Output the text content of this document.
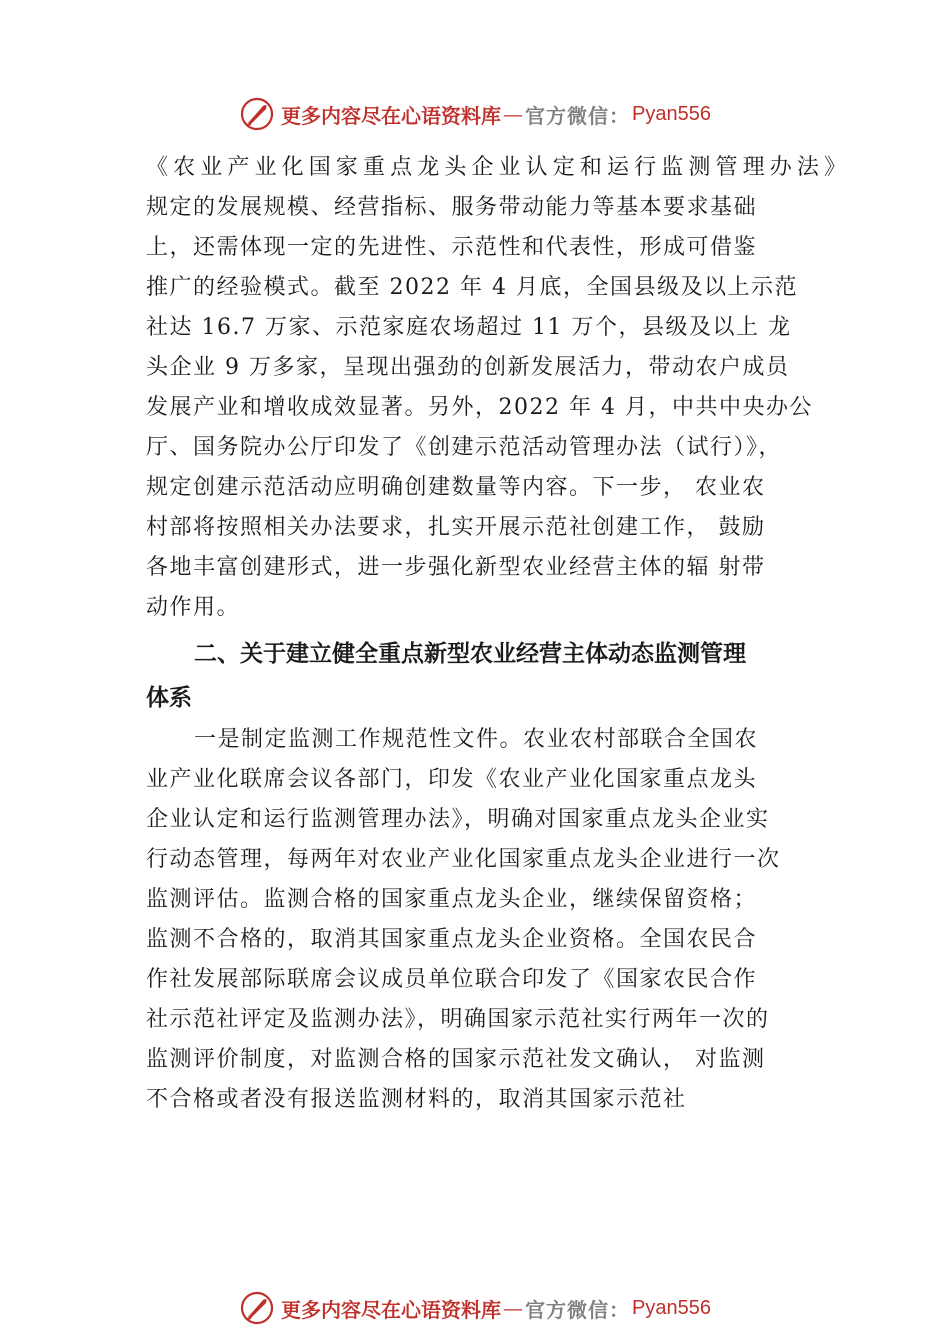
更多内容尽在心语资料库 — 官方微信： Pyan556
《农业产业化国家重点龙头企业认定和运行监测管理办法》
规定的发展规模、经营指标、服务带动能力等基本要求基础
上，还需体现一定的先进性、示范性和代表性，形成可借鉴
推广的经验模式。截至 2022 年 4 月底，全国县级及以上示范
社达 16.7 万家、示范家庭农场超过 11 万个，县级及以上 龙
头企业 9 万多家，呈现出强劲的创新发展活力，带动农户成员
发展产业和增收成效显著。另外，2022 年 4 月，中共中央办公
厅、国务院办公厅印发了《创建示范活动管理办法（试行）》，
规定创建示范活动应明确创建数量等内容。下一步， 农业农
村部将按照相关办法要求，扎实开展示范社创建工作， 鼓励
各地丰富创建形式，进一步强化新型农业经营主体的辐 射带
动作用。
二、关于建立健全重点新型农业经营主体动态监测管理
体系
一是制定监测工作规范性文件。农业农村部联合全国农
业产业化联席会议各部门，印发《农业产业化国家重点龙头
企业认定和运行监测管理办法》，明确对国家重点龙头企业实
行动态管理，每两年对农业产业化国家重点龙头企业进行一次
监测评估。监测合格的国家重点龙头企业，继续保留资格；
监测不合格的，取消其国家重点龙头企业资格。全国农民合
作社发展部际联席会议成员单位联合印发了《国家农民合作
社示范社评定及监测办法》，明确国家示范社实行两年一次的
监测评价制度，对监测合格的国家示范社发文确认， 对监测
不合格或者没有报送监测材料的，取消其国家示范社
更多内容尽在心语资料库 — 官方微信： Pyan556
